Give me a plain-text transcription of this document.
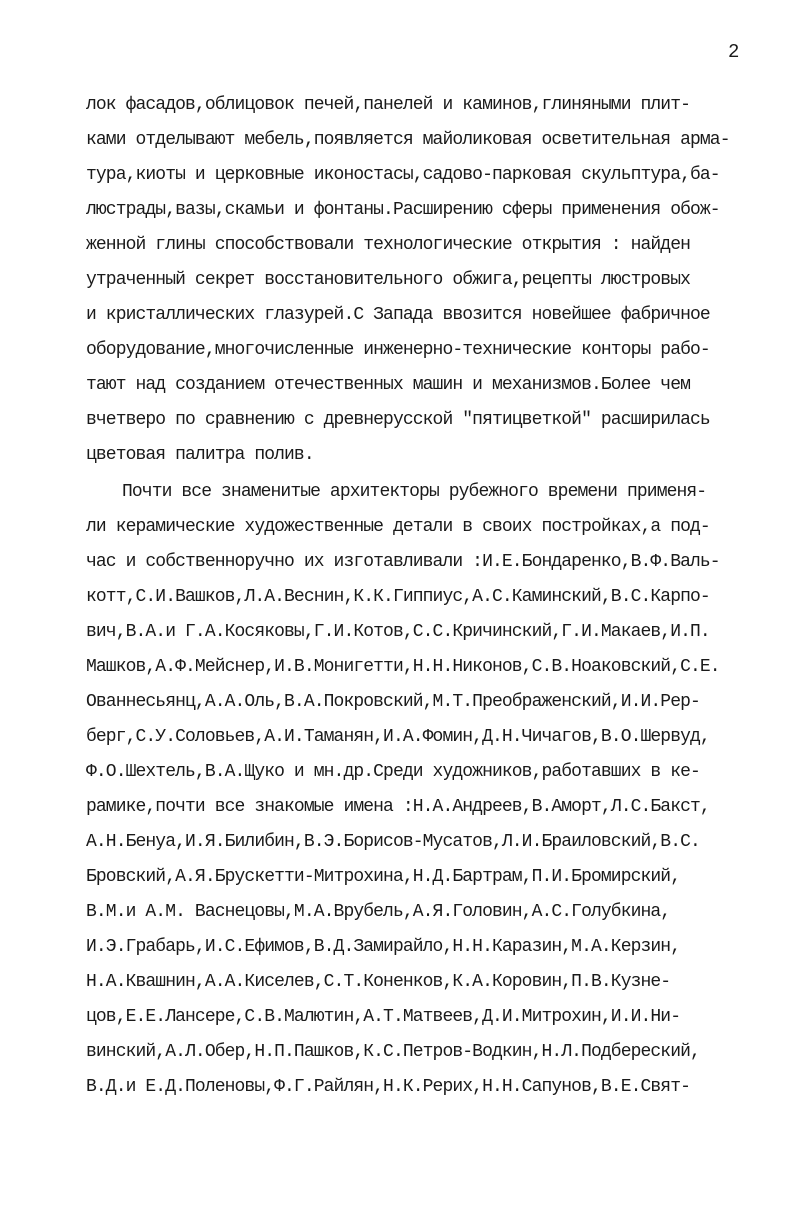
2
лок фасадов,облицовок печей,панелей и каминов,глиняными плит-
ками отделывают мебель,появляется майоликовая осветительная арма-
тура,киоты и церковные иконостасы,садово-парковая скульптура,ба-
люстрады,вазы,скамьи и фонтаны.Расширению сферы применения обож-
женной глины способствовали технологические открытия : найден
утраченный секрет восстановительного обжига,рецепты люстровых
и кристаллических глазурей.С Запада ввозится новейшее фабричное
оборудование,многочисленные инженерно-технические конторы рабо-
тают над созданием отечественных машин и механизмов.Более чем
вчетверо по сравнению с древнерусской "пятицветкой" расширилась
цветовая палитра полив.
Почти все знаменитые архитекторы рубежного времени применя-
ли керамические художественные детали в своих постройках,а под-
час и собственноручно их изготавливали :И.Е.Бондаренко,В.Ф.Валь-
котт,С.И.Вашков,Л.А.Веснин,К.К.Гиппиус,А.С.Каминский,В.С.Карпо-
вич,В.А.и Г.А.Косяковы,Г.И.Котов,С.С.Кричинский,Г.И.Макаев,И.П.
Машков,А.Ф.Мейснер,И.В.Монигетти,Н.Н.Никонов,С.В.Ноаковский,С.Е.
Ованнесьянц,А.А.Оль,В.А.Покровский,М.Т.Преображенский,И.И.Рер-
берг,С.У.Соловьев,А.И.Таманян,И.А.Фомин,Д.Н.Чичагов,В.О.Шервуд,
Ф.О.Шехтель,В.А.Щуко и мн.др.Среди художников,работавших в ке-
рамике,почти все знакомые имена :Н.А.Андреев,В.Аморт,Л.С.Бакст,
А.Н.Бенуа,И.Я.Билибин,В.Э.Борисов-Мусатов,Л.И.Браиловский,В.С.
Бровский,А.Я.Брускетти-Митрохина,Н.Д.Бартрам,П.И.Бромирский,
В.М.и А.М. Васнецовы,М.А.Врубель,А.Я.Головин,А.С.Голубкина,
И.Э.Грабарь,И.С.Ефимов,В.Д.Замирайло,Н.Н.Каразин,М.А.Керзин,
Н.А.Квашнин,А.А.Киселев,С.Т.Коненков,К.А.Коровин,П.В.Кузне-
цов,Е.Е.Лансере,С.В.Малютин,А.Т.Матвеев,Д.И.Митрохин,И.И.Ни-
винский,А.Л.Обер,Н.П.Пашков,К.С.Петров-Водкин,Н.Л.Подбереский,
В.Д.и Е.Д.Поленовы,Ф.Г.Райлян,Н.К.Рерих,Н.Н.Сапунов,В.Е.Свят-
